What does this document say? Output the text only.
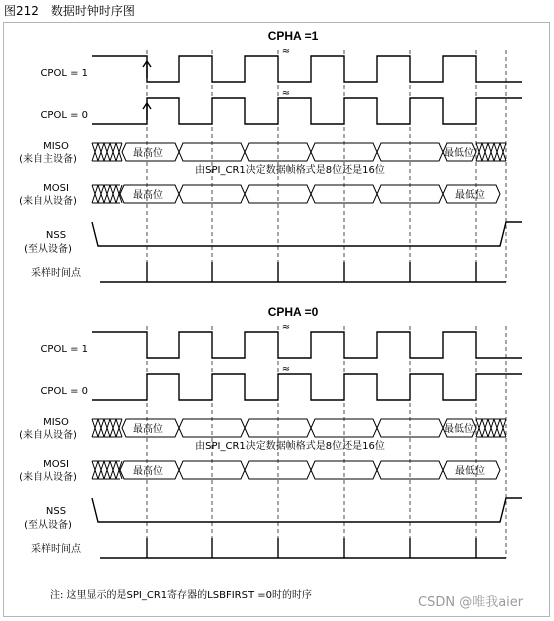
图212 数据时钟时序图
CPHA =1
CPOL = 1
≈
CPOL = 0
≈
MISO
(来自主设备)
最高位	最低位
由SPI_CR1决定数据帧格式是8位还是16位
MOSI
(来自从设备)
最高位	最低位
NSS
(至从设备)
采样时间点
CPHA =0
CPOL = 1
≈
CPOL = 0
≈
MISO
(来自从设备)
最高位	最低位
由SPI_CR1决定数据帧格式是8位还是16位
MOSI
(来自从设备)
最高位	最低位
NSS
(至从设备)
采样时间点
注: 这里显示的是SPI_CR1寄存器的LSBFIRST =0时的时序	CSDN @唯我aier
